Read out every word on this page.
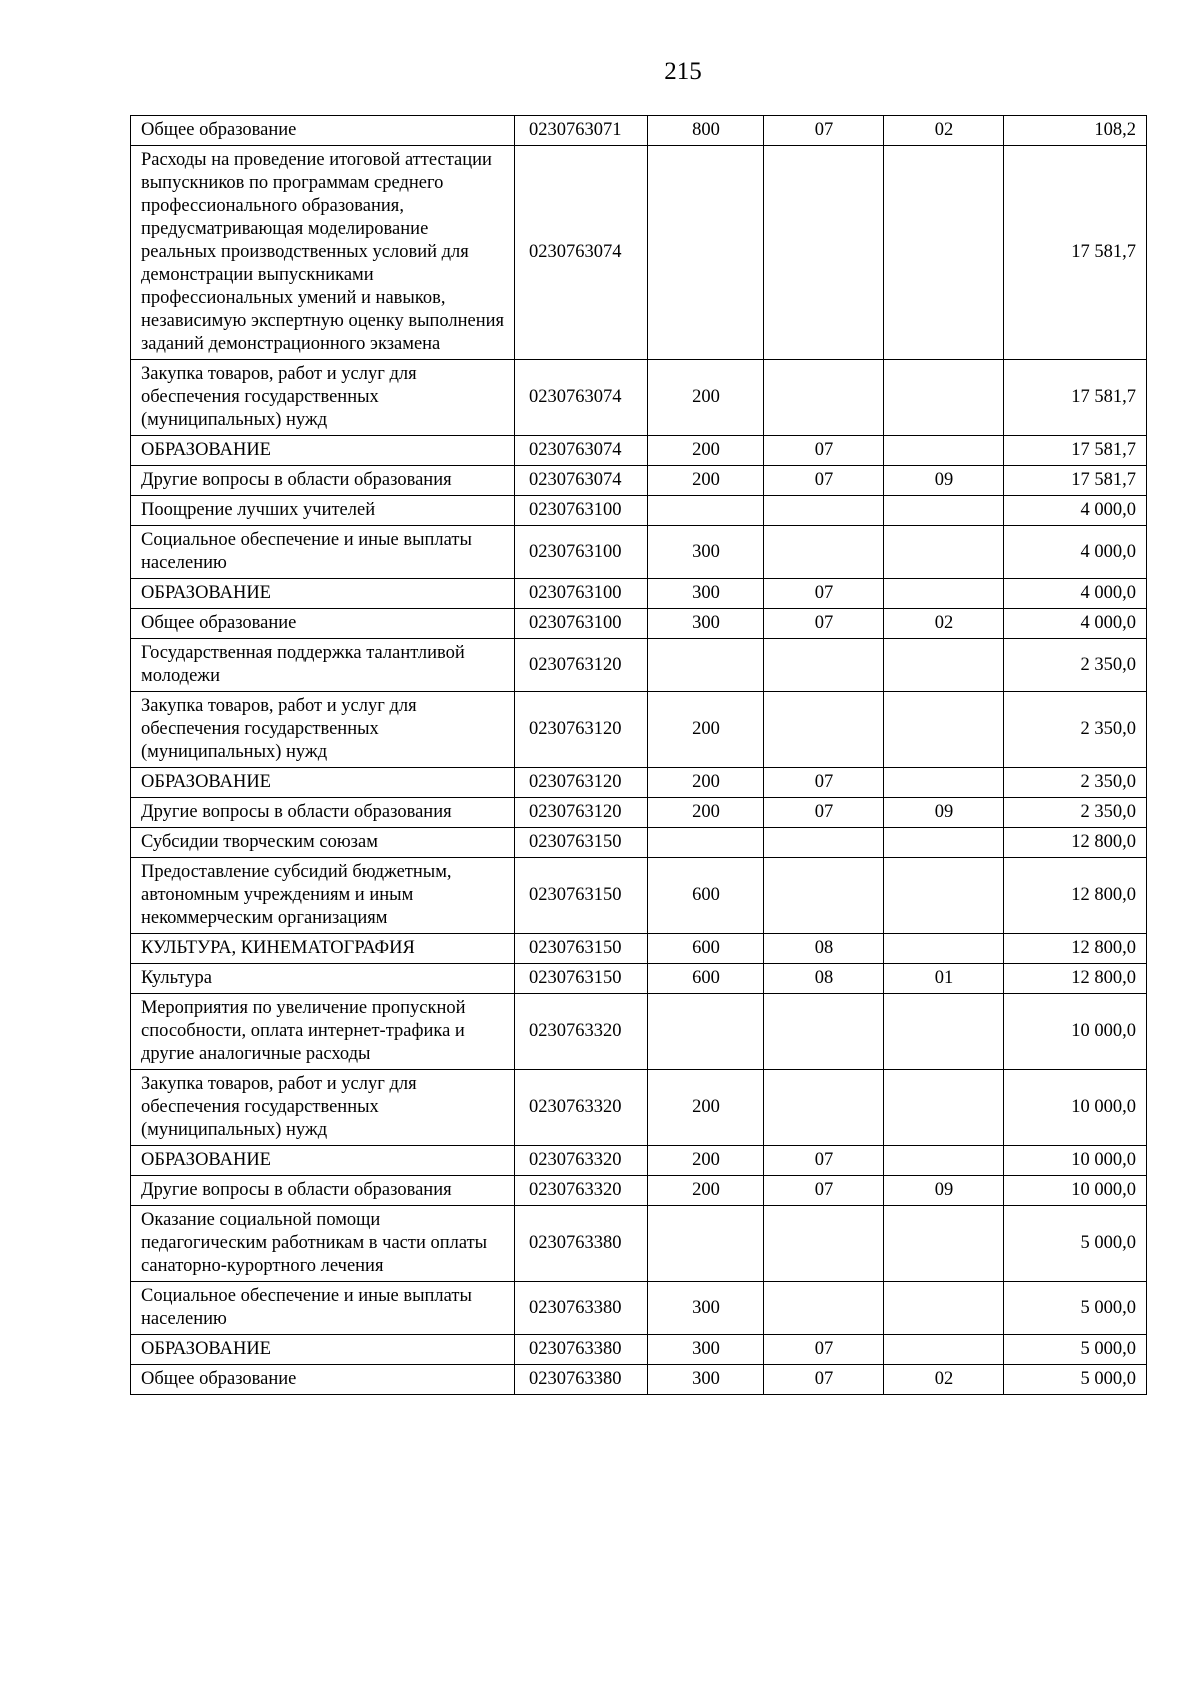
215
Общее образование	0230763071	800	07	02	108,2
Расходы на проведение итоговой аттестации выпускников по программам среднего профессионального образования, предусматривающая моделирование реальных производственных условий для демонстрации выпускниками профессиональных умений и навыков, независимую экспертную оценку выполнения заданий демонстрационного экзамена	0230763074				17 581,7
Закупка товаров, работ и услуг для обеспечения государственных (муниципальных) нужд	0230763074	200			17 581,7
ОБРАЗОВАНИЕ	0230763074	200	07		17 581,7
Другие вопросы в области образования	0230763074	200	07	09	17 581,7
Поощрение лучших учителей	0230763100				4 000,0
Социальное обеспечение и иные выплаты населению	0230763100	300			4 000,0
ОБРАЗОВАНИЕ	0230763100	300	07		4 000,0
Общее образование	0230763100	300	07	02	4 000,0
Государственная поддержка талантливой молодежи	0230763120				2 350,0
Закупка товаров, работ и услуг для обеспечения государственных (муниципальных) нужд	0230763120	200			2 350,0
ОБРАЗОВАНИЕ	0230763120	200	07		2 350,0
Другие вопросы в области образования	0230763120	200	07	09	2 350,0
Субсидии творческим союзам	0230763150				12 800,0
Предоставление субсидий бюджетным, автономным учреждениям и иным некоммерческим организациям	0230763150	600			12 800,0
КУЛЬТУРА, КИНЕМАТОГРАФИЯ	0230763150	600	08		12 800,0
Культура	0230763150	600	08	01	12 800,0
Мероприятия по увеличение пропускной способности, оплата интернет-трафика и другие аналогичные расходы	0230763320				10 000,0
Закупка товаров, работ и услуг для обеспечения государственных (муниципальных) нужд	0230763320	200			10 000,0
ОБРАЗОВАНИЕ	0230763320	200	07		10 000,0
Другие вопросы в области образования	0230763320	200	07	09	10 000,0
Оказание социальной помощи педагогическим работникам в части оплаты санаторно-курортного лечения	0230763380				5 000,0
Социальное обеспечение и иные выплаты населению	0230763380	300			5 000,0
ОБРАЗОВАНИЕ	0230763380	300	07		5 000,0
Общее образование	0230763380	300	07	02	5 000,0
